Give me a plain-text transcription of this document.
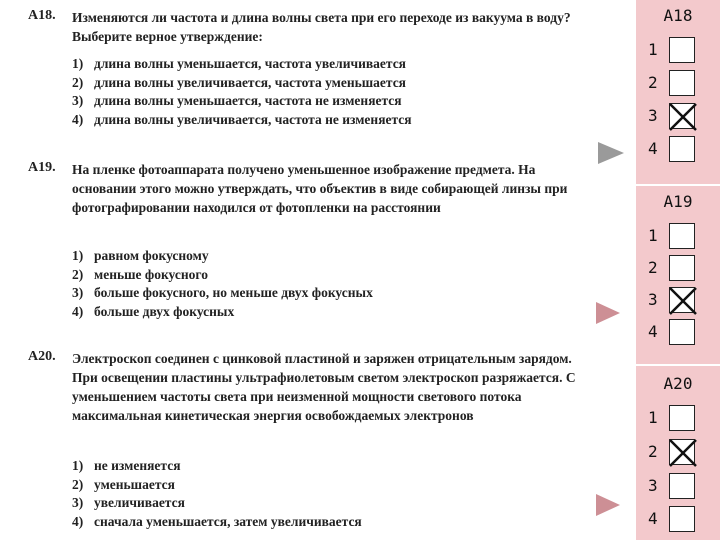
A18. Изменяются ли частота и длина волны света при его переходе из вакуума в воду? Выберите верное утверждение:
1) длина волны уменьшается, частота увеличивается
2) длина волны увеличивается, частота уменьшается
3) длина волны уменьшается, частота не изменяется
4) длина волны увеличивается, частота не изменяется
A19. На пленке фотоаппарата получено уменьшенное изображение предмета. На основании этого можно утверждать, что объектив в виде собирающей линзы при фотографировании находился от фотопленки на расстоянии
1) равном фокусному
2) меньше фокусного
3) больше фокусного, но меньше двух фокусных
4) больше двух фокусных
A20. Электроскоп соединен с цинковой пластиной и заряжен отрицательным зарядом. При освещении пластины ультрафиолетовым светом электроскоп разряжается. С уменьшением частоты света при неизменной мощности светового потока максимальная кинетическая энергия освобождаемых электронов
1) не изменяется
2) уменьшается
3) увеличивается
4) сначала уменьшается, затем увеличивается
А18
1
2
3
4
А19
1
2
3
4
А20
1
2
3
4
